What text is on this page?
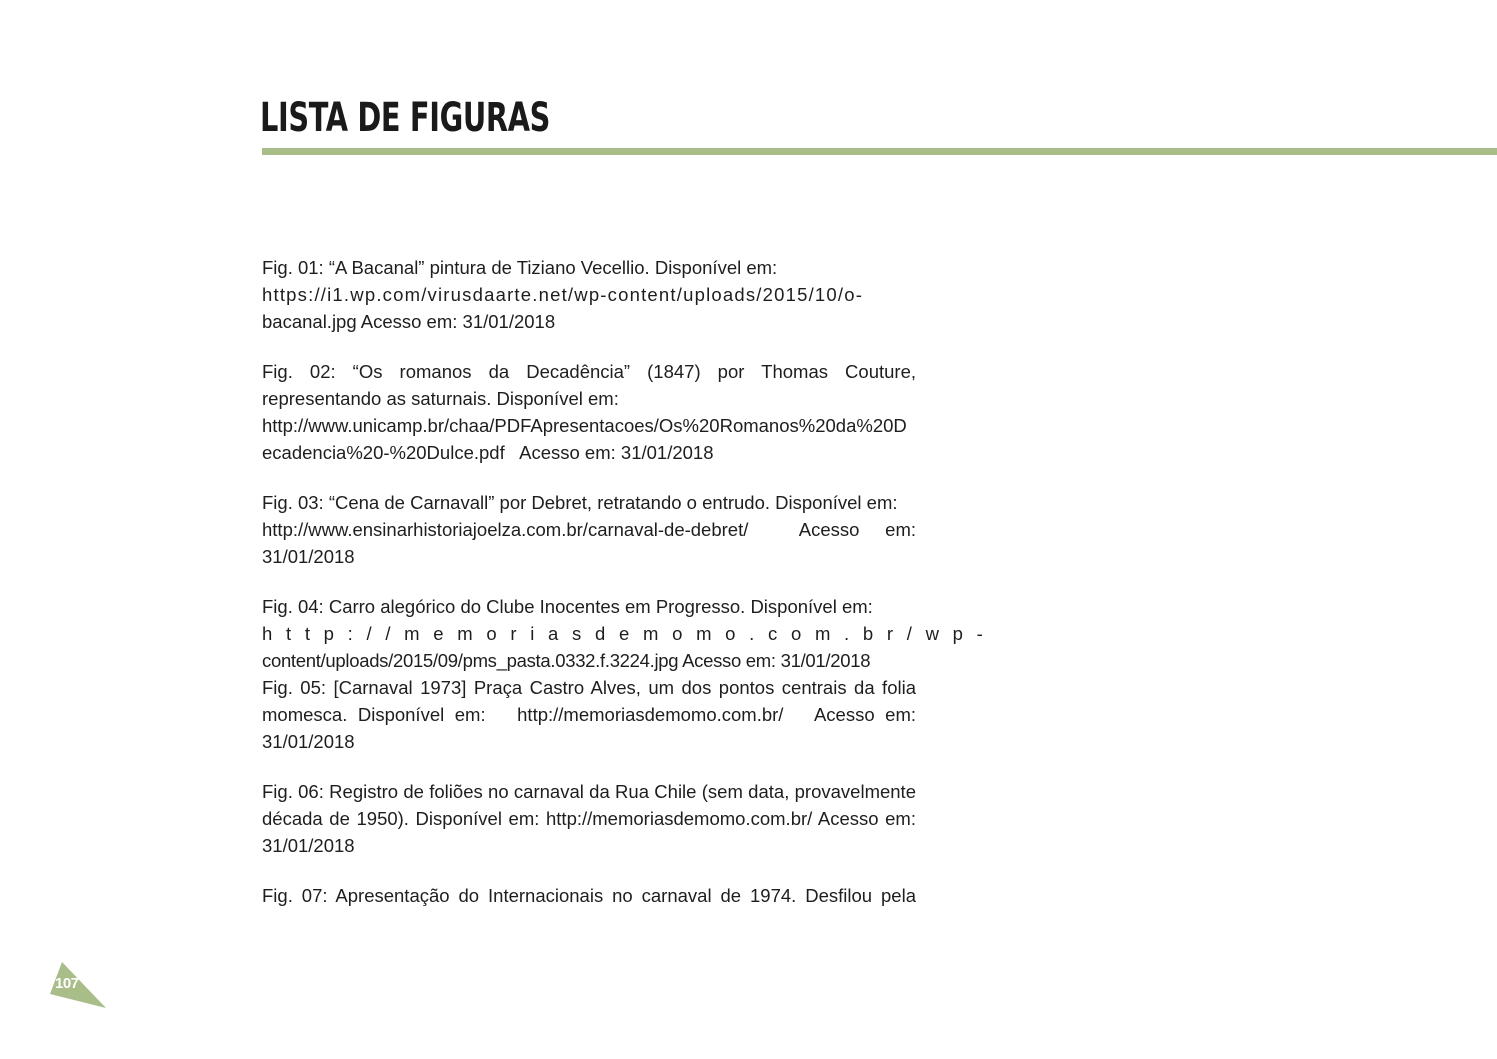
LISTA DE FIGURAS

Fig. 01: “A Bacanal” pintura de Tiziano Vecellio. Disponível em:
https://i1.wp.com/virusdaarte.net/wp-content/uploads/2015/10/o-
bacanal.jpg Acesso em: 31/01/2018

Fig. 02: “Os romanos da Decadência” (1847) por Thomas Couture, representando as saturnais. Disponível em:
http://www.unicamp.br/chaa/PDFApresentacoes/Os%20Romanos%20da%20Decadencia%20-%20Dulce.pdf   Acesso em: 31/01/2018

Fig. 03: “Cena de Carnavall” por Debret, retratando o entrudo. Disponível em:
http://www.ensinarhistoriajoelza.com.br/carnaval-de-debret/  Acesso em: 31/01/2018

Fig. 04: Carro alegórico do Clube Inocentes em Progresso. Disponível em:
http://memoriasdemomo.com.br/wp-
content/uploads/2015/09/pms_pasta.0332.f.3224.jpg Acesso em: 31/01/2018

Fig. 05: [Carnaval 1973] Praça Castro Alves, um dos pontos centrais da folia momesca. Disponível em:   http://memoriasdemomo.com.br/   Acesso em: 31/01/2018

Fig. 06: Registro de foliões no carnaval da Rua Chile (sem data, provavelmente década de 1950). Disponível em: http://memoriasdemomo.com.br/ Acesso em: 31/01/2018

Fig. 07: Apresentação do Internacionais no carnaval de 1974. Desfilou pela

107
